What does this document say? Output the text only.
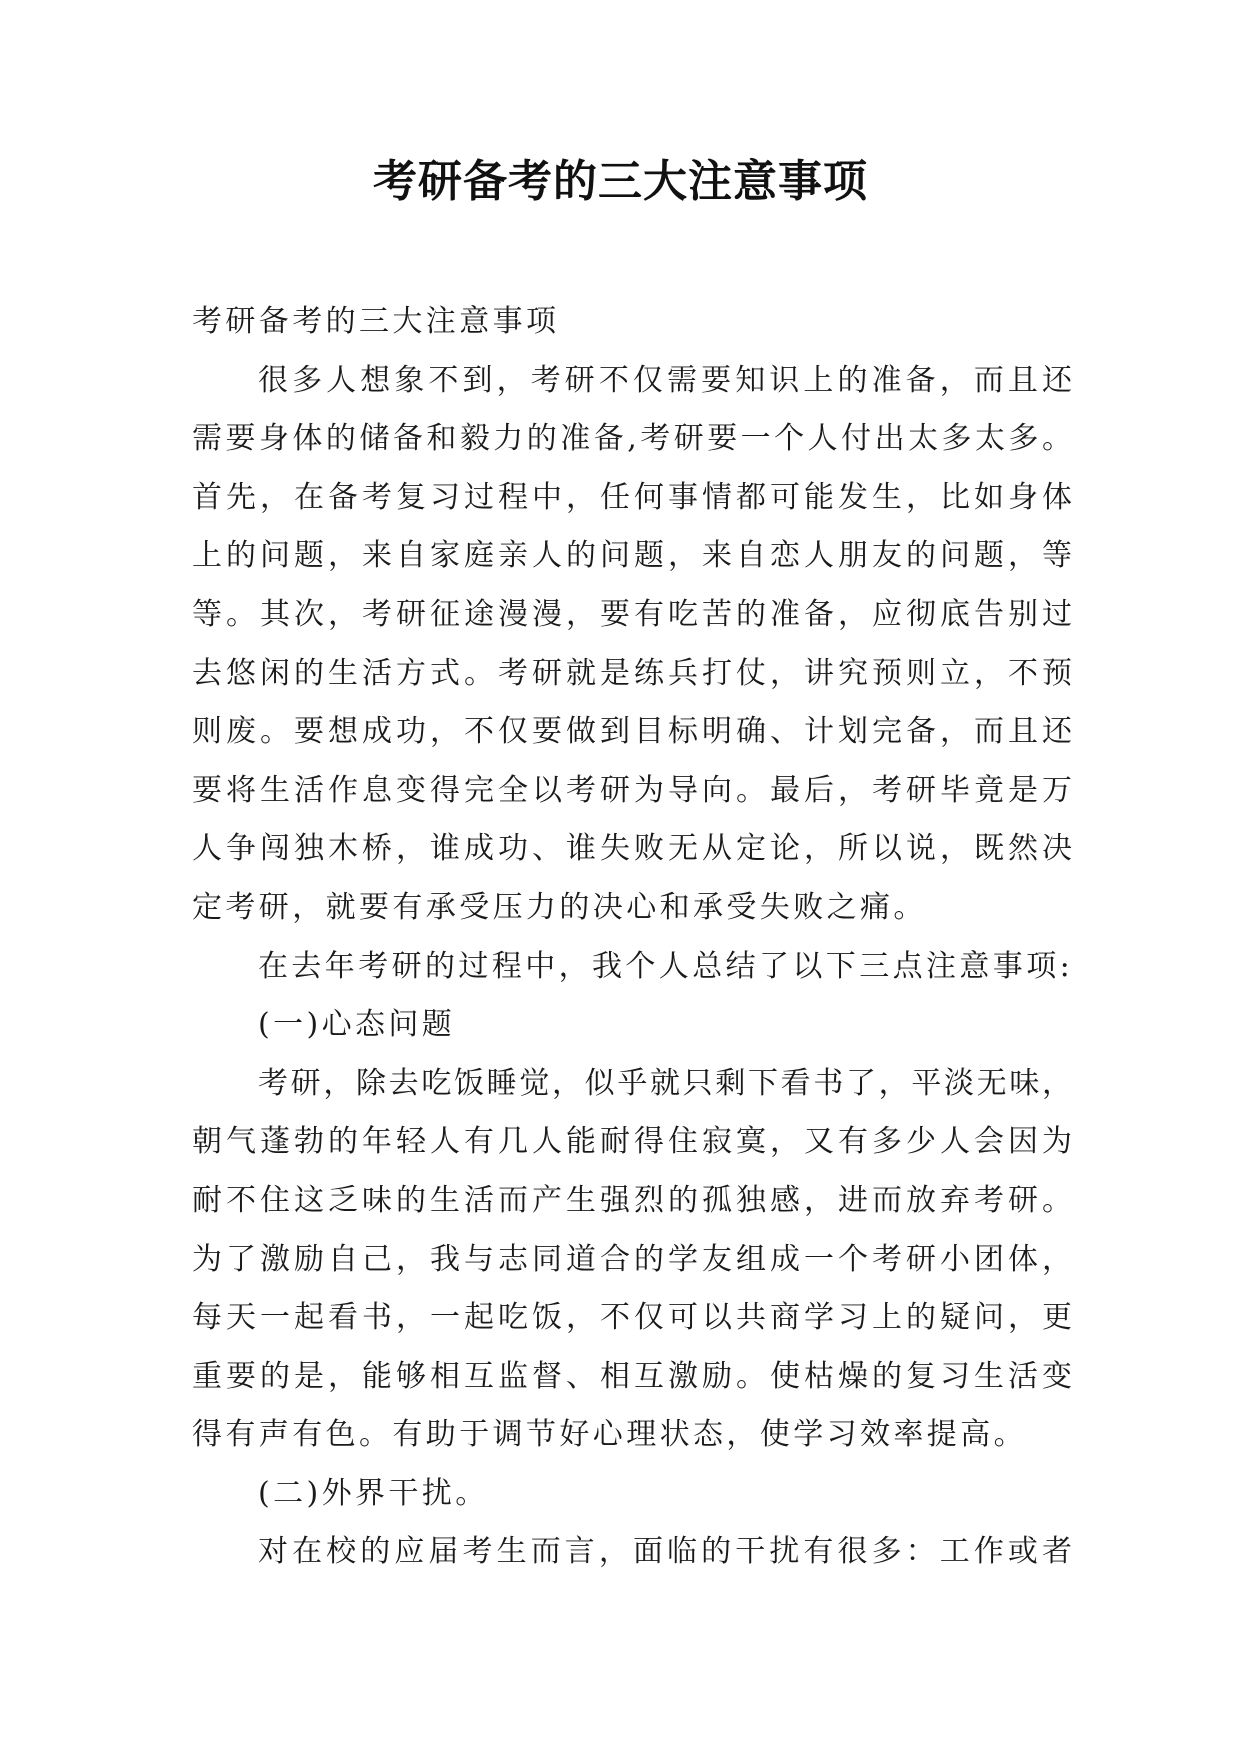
考研备考的三大注意事项
考研备考的三大注意事项
很多人想象不到，考研不仅需要知识上的准备，而且还
需要身体的储备和毅力的准备,考研要一个人付出太多太多。
首先，在备考复习过程中，任何事情都可能发生，比如身体
上的问题，来自家庭亲人的问题，来自恋人朋友的问题，等
等。其次，考研征途漫漫，要有吃苦的准备，应彻底告别过
去悠闲的生活方式。考研就是练兵打仗，讲究预则立，不预
则废。要想成功，不仅要做到目标明确、计划完备，而且还
要将生活作息变得完全以考研为导向。最后，考研毕竟是万
人争闯独木桥，谁成功、谁失败无从定论，所以说，既然决
定考研，就要有承受压力的决心和承受失败之痛。
在去年考研的过程中，我个人总结了以下三点注意事项:
(一)心态问题
考研，除去吃饭睡觉，似乎就只剩下看书了，平淡无味，
朝气蓬勃的年轻人有几人能耐得住寂寞，又有多少人会因为
耐不住这乏味的生活而产生强烈的孤独感，进而放弃考研。
为了激励自己，我与志同道合的学友组成一个考研小团体，
每天一起看书，一起吃饭，不仅可以共商学习上的疑问，更
重要的是，能够相互监督、相互激励。使枯燥的复习生活变
得有声有色。有助于调节好心理状态，使学习效率提高。
(二)外界干扰。
对在校的应届考生而言，面临的干扰有很多：工作或者
